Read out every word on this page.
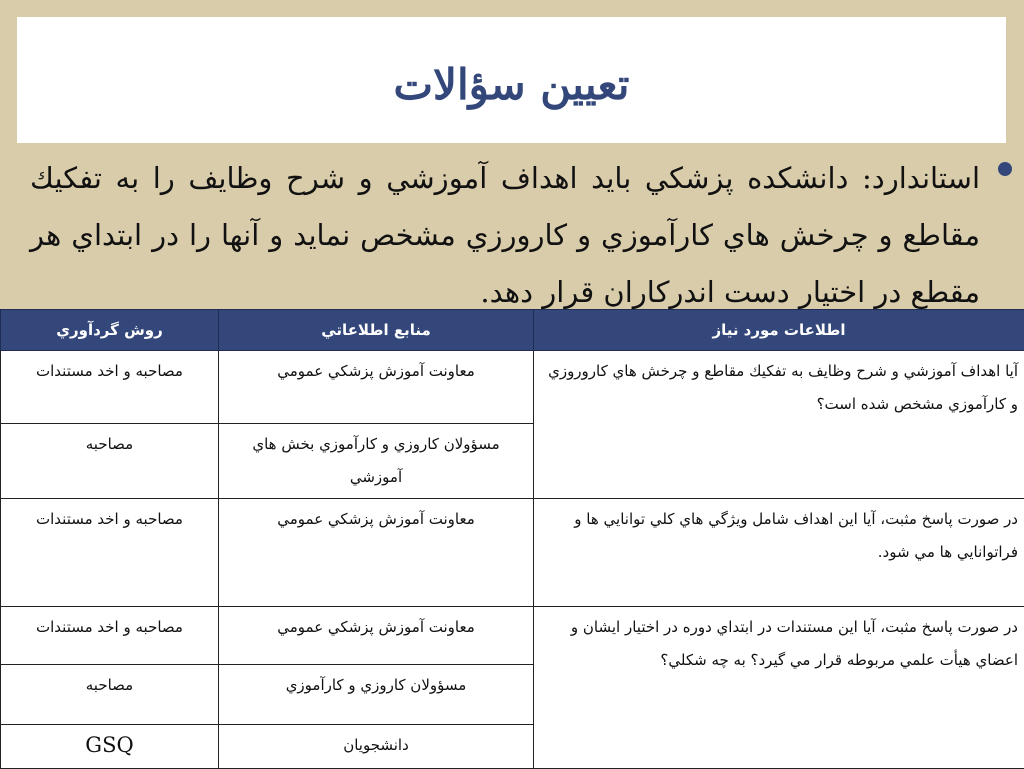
تعيين سؤالات
استاندارد: دانشكده پزشكي بايد اهداف آموزشي و شرح وظايف را به تفكيك مقاطع و چرخش هاي كارآموزي و كارورزي مشخص نمايد و آنها را در ابتداي هر مقطع در اختيار دست اندركاران قرار دهد.
اطلاعات مورد نياز	منابع اطلاعاتي	روش گردآوري
آيا اهداف آموزشي و شرح وظايف به تفكيك مقاطع و چرخش هاي كاروروزي و كارآموزي مشخص شده است؟	معاونت آموزش پزشكي عمومي	مصاحبه و اخد مستندات
	مسؤولان كاروزي و كارآموزي بخش هاي آموزشي	مصاحبه
در صورت پاسخ مثبت، آيا اين اهداف شامل ويژگي هاي كلي توانايي ها و فراتوانايي ها مي شود.	معاونت آموزش پزشكي عمومي	مصاحبه و اخد مستندات
در صورت پاسخ مثبت، آيا اين مستندات در ابتداي دوره در اختيار ايشان و اعضاي هيأت علمي مربوطه قرار مي گيرد؟ به چه شكلي؟	معاونت آموزش پزشكي عمومي	مصاحبه و اخد مستندات
	مسؤولان كاروزي و كارآموزي	مصاحبه
	دانشجويان	GSQ
